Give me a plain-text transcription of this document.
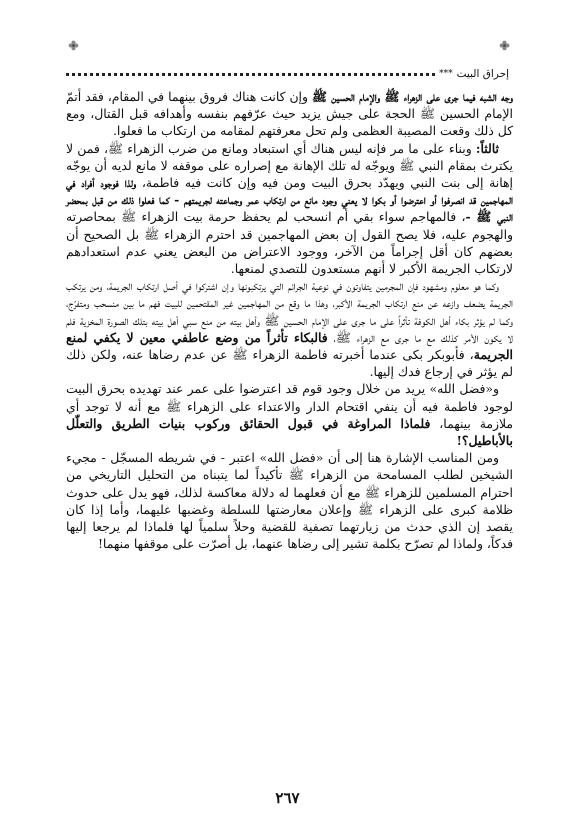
إحراق البيت
***

وجه الشبه فيما جرى على الزهراء ﷺ والإمام الحسين ﷺ وإن كانت هناك فروق بينهما في المقام، فقد أتمّ الإمام الحسين ﷺ الحجة على جيش يزيد حيث عرّفهم بنفسه وأهدافه قبل القتال، ومع كل ذلك وقعت المصيبة العظمى ولم تحل معرفتهم لمقامه من ارتكاب ما فعلوا.

ثالثاً: وبناء على ما مر فإنه ليس هناك أي استبعاد ومانع من ضرب الزهراء ﷺ، فمن لا يكترث بمقام النبي ﷺ ويوجّه له تلك الإهانة مع إصراره على موقفه لا مانع لديه أن يوجّه إهانة إلى بنت النبي ويهدّد بحرق البيت ومن فيه وإن كانت فيه فاطمة، ولذا فوجود أفراد في المهاجمين قد انصرفوا أو اعترضوا أو بكوا لا يعني وجود مانع من ارتكاب عمر وجماعته لجريمتهم - كما فعلوا ذلك من قبل بمحضر النبي ﷺ -، فالمهاجم سواء بقي أم انسحب لم يحفظ حرمة بيت الزهراء ﷺ بمحاصرته والهجوم عليه، فلا يصح القول إن بعض المهاجمين قد احترم الزهراء ﷺ بل الصحيح أن بعضهم كان أقل إجراماً من الآخر، ووجود الاعتراض من البعض يعني عدم استعدادهم لارتكاب الجريمة الأكبر لا أنهم مستعدون للتصدي لمنعها.

وكما هو معلوم ومشهود فإن المجرمين يتفاوتون في نوعية الجرائم التي يرتكبونها وإن اشتركوا في أصل ارتكاب الجريمة، ومن يرتكب الجريمة يضعف وازعه عن منع ارتكاب الجريمة الأكبر، وهذا ما وقع من المهاجمين غير المقتحمين للبيت فهم ما بين منسحب ومتفرّج، وكما لم يؤثر بكاء أهل الكوفة تأثراً على ما جرى على الإمام الحسين ﷺ وأهل بيته من منع سبي أهل بيته بتلك الصورة المخزية فلم لا يكون الأمر كذلك مع ما جرى مع الزهراء ﷺ، فالبكاء تأثراً من وضع عاطفي معين لا يكفي لمنع الجريمة، فأبوبكر بكى عندما أخبرته فاطمة الزهراء ﷺ عن عدم رضاها عنه، ولكن ذلك لم يؤثر في إرجاع فدك إليها.

و«فضل الله» يريد من خلال وجود قوم قد اعترضوا على عمر عند تهديده بحرق البيت لوجود فاطمة فيه أن ينفي اقتحام الدار والاعتداء على الزهراء ﷺ مع أنه لا توجد أي ملازمة بينهما، فلماذا المراوغة في قبول الحقائق وركوب بنيات الطريق والتعلّل بالأباطيل؟!

ومن المناسب الإشارة هنا إلى أن «فضل الله» اعتبر - في شريطه المسجّل - مجيء الشيخين لطلب المسامحة من الزهراء ﷺ تأكيداً لما يتبناه من التحليل التاريخي من احترام المسلمين للزهراء ﷺ مع أن فعلهما له دلالة معاكسة لذلك، فهو يدل على حدوث ظلامة كبرى على الزهراء ﷺ وإعلان معارضتها للسلطة وغضبها عليهما، وأما إذا كان يقصد إن الذي حدث من زيارتهما تصفية للقضية وحلاً سلمياً لها فلماذا لم يرجعا إليها فدكاً، ولماذا لم تصرّح بكلمة تشير إلى رضاها عنهما، بل أصرّت على موقفها منهما!

٢٦٧
